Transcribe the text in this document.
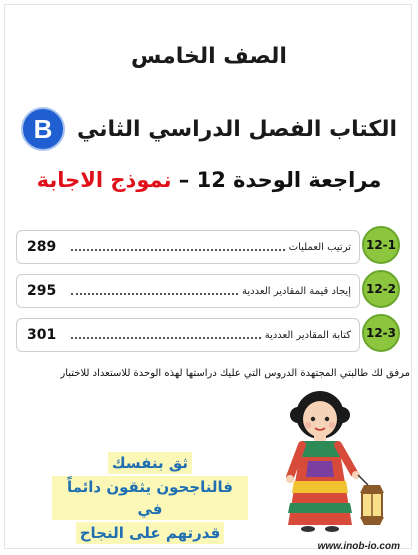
الصف الخامس
B	الكتاب الفصل الدراسي الثاني
مراجعة الوحدة 12 – نموذج الاجابة
289	ترتيب العمليات	12-1
295	إيجاد قيمة المقادير العددية	12-2
301	كتابة المقادير العددية	12-3
مرفق لك طالبتي المجتهدة الدروس التي عليك دراستها لهذه الوحدة للاستعداد للاختبار
ثق بنفسك
فالناجحون يثقون دائماً في
قدرتهم على النجاح
www.inob-io.com
